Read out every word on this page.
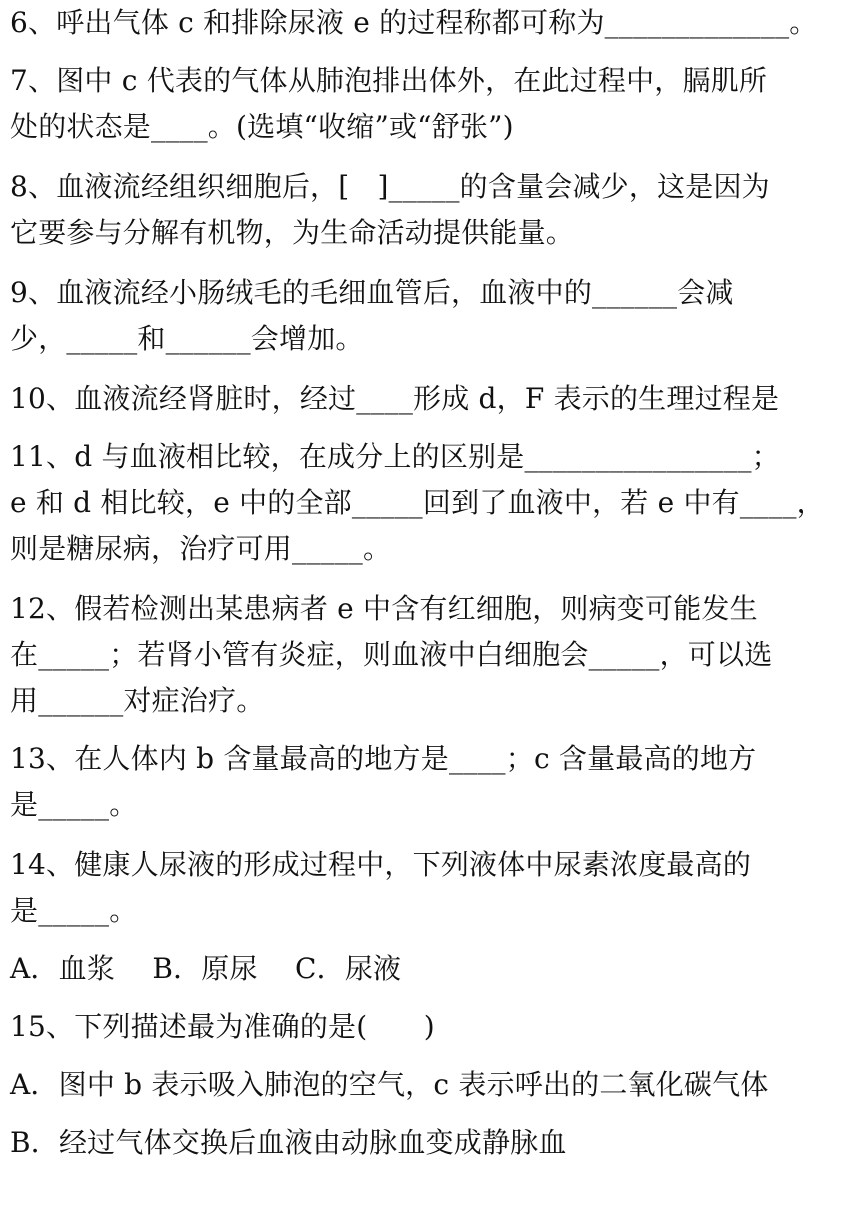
6、呼出气体 c 和排除尿液 e 的过程称都可称为_____________。
7、图中 c 代表的气体从肺泡排出体外，在此过程中，膈肌所
处的状态是____。(选填“收缩”或“舒张”)
8、血液流经组织细胞后，[　]_____的含量会减少，这是因为
它要参与分解有机物，为生命活动提供能量。
9、血液流经小肠绒毛的毛细血管后，血液中的______会减
少，_____和______会增加。
10、血液流经肾脏时，经过____形成 d，F 表示的生理过程是
11、d 与血液相比较，在成分上的区别是________________；
e 和 d 相比较，e 中的全部_____回到了血液中，若 e 中有____，
则是糖尿病，治疗可用_____。
12、假若检测出某患病者 e 中含有红细胞，则病变可能发生
在_____；若肾小管有炎症，则血液中白细胞会_____，可以选
用______对症治疗。
13、在人体内 b 含量最高的地方是____；c 含量最高的地方
是_____。
14、健康人尿液的形成过程中，下列液体中尿素浓度最高的
是_____。
A．血浆　 B．原尿　 C．尿液
15、下列描述最为准确的是(　　)
A．图中 b 表示吸入肺泡的空气，c 表示呼出的二氧化碳气体
B．经过气体交换后血液由动脉血变成静脉血
